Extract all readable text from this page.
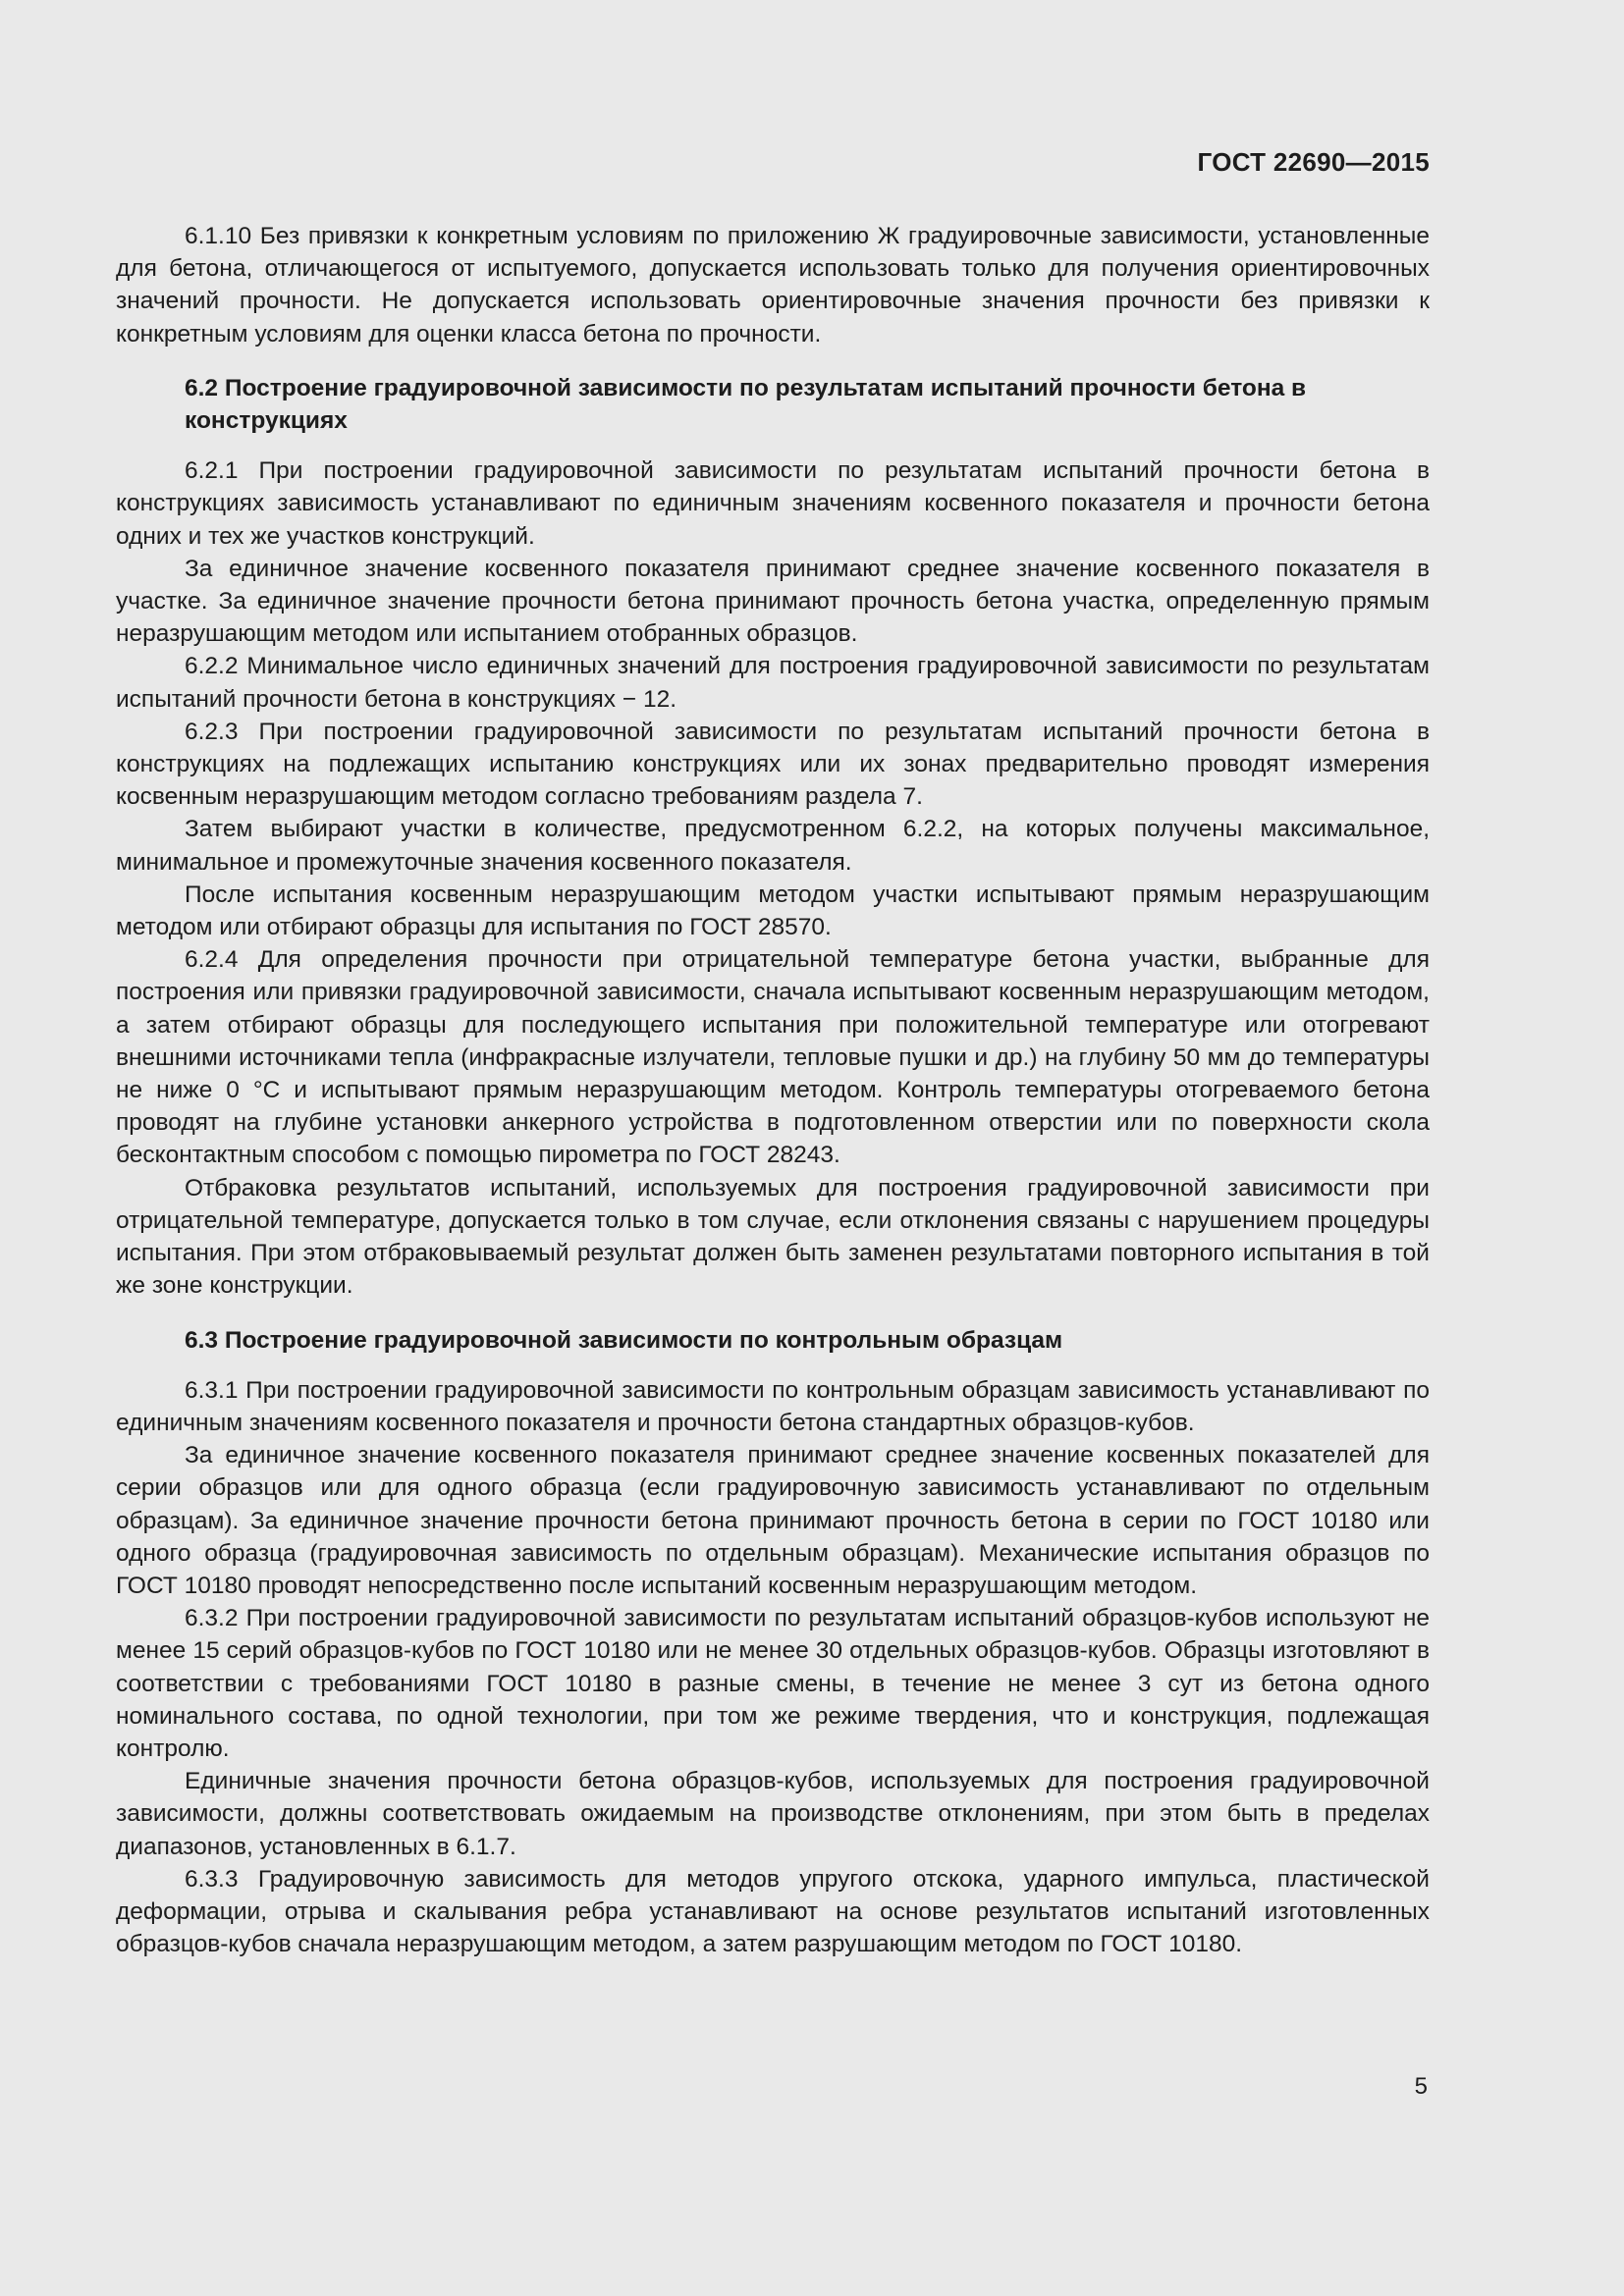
ГОСТ 22690—2015

6.1.10 Без привязки к конкретным условиям по приложению Ж градуировочные зависимости, установленные для бетона, отличающегося от испытуемого, допускается использовать только для получения ориентировочных значений прочности. Не допускается использовать ориентировочные значения прочности без привязки к конкретным условиям для оценки класса бетона по прочности.

6.2 Построение градуировочной зависимости по результатам испытаний прочности бетона в конструкциях

6.2.1 При построении градуировочной зависимости по результатам испытаний прочности бетона в конструкциях зависимость устанавливают по единичным значениям косвенного показателя и прочности бетона одних и тех же участков конструкций.

За единичное значение косвенного показателя принимают среднее значение косвенного показателя в участке. За единичное значение прочности бетона принимают прочность бетона участка, определенную прямым неразрушающим методом или испытанием отобранных образцов.

6.2.2 Минимальное число единичных значений для построения градуировочной зависимости по результатам испытаний прочности бетона в конструкциях − 12.

6.2.3 При построении градуировочной зависимости по результатам испытаний прочности бетона в конструкциях на подлежащих испытанию конструкциях или их зонах предварительно проводят измерения косвенным неразрушающим методом согласно требованиям раздела 7.

Затем выбирают участки в количестве, предусмотренном 6.2.2, на которых получены максимальное, минимальное и промежуточные значения косвенного показателя.

После испытания косвенным неразрушающим методом участки испытывают прямым неразрушающим методом или отбирают образцы для испытания по ГОСТ 28570.

6.2.4 Для определения прочности при отрицательной температуре бетона участки, выбранные для построения или привязки градуировочной зависимости, сначала испытывают косвенным неразрушающим методом, а затем отбирают образцы для последующего испытания при положительной температуре или отогревают внешними источниками тепла (инфракрасные излучатели, тепловые пушки и др.) на глубину 50 мм до температуры не ниже 0 °С и испытывают прямым неразрушающим методом. Контроль температуры отогреваемого бетона проводят на глубине установки анкерного устройства в подготовленном отверстии или по поверхности скола бесконтактным способом с помощью пирометра по ГОСТ 28243.

Отбраковка результатов испытаний, используемых для построения градуировочной зависимости при отрицательной температуре, допускается только в том случае, если отклонения связаны с нарушением процедуры испытания. При этом отбраковываемый результат должен быть заменен результатами повторного испытания в той же зоне конструкции.

6.3 Построение градуировочной зависимости по контрольным образцам

6.3.1 При построении градуировочной зависимости по контрольным образцам зависимость устанавливают по единичным значениям косвенного показателя и прочности бетона стандартных образцов-кубов.

За единичное значение косвенного показателя принимают среднее значение косвенных показателей для серии образцов или для одного образца (если градуировочную зависимость устанавливают по отдельным образцам). За единичное значение прочности бетона принимают прочность бетона в серии по ГОСТ 10180 или одного образца (градуировочная зависимость по отдельным образцам). Механические испытания образцов по ГОСТ 10180 проводят непосредственно после испытаний косвенным неразрушающим методом.

6.3.2 При построении градуировочной зависимости по результатам испытаний образцов-кубов используют не менее 15 серий образцов-кубов по ГОСТ 10180 или не менее 30 отдельных образцов-кубов. Образцы изготовляют в соответствии с требованиями ГОСТ 10180 в разные смены, в течение не менее 3 сут из бетона одного номинального состава, по одной технологии, при том же режиме твердения, что и конструкция, подлежащая контролю.

Единичные значения прочности бетона образцов-кубов, используемых для построения градуировочной зависимости, должны соответствовать ожидаемым на производстве отклонениям, при этом быть в пределах диапазонов, установленных в 6.1.7.

6.3.3 Градуировочную зависимость для методов упругого отскока, ударного импульса, пластической деформации, отрыва и скалывания ребра устанавливают на основе результатов испытаний изготовленных образцов-кубов сначала неразрушающим методом, а затем разрушающим методом по ГОСТ 10180.

5
